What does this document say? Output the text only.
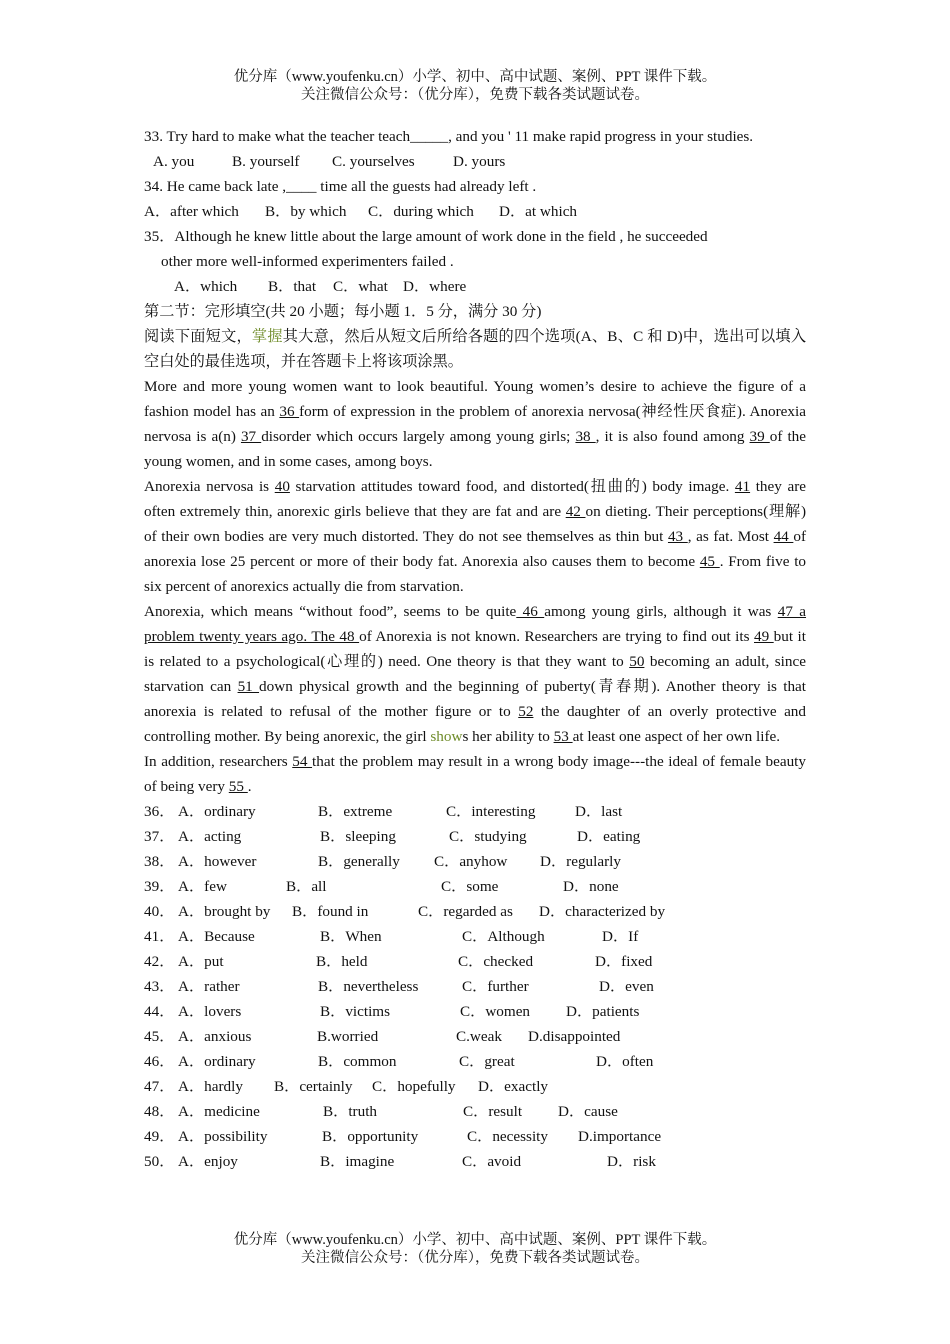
优分库（www.youfenku.cn）小学、初中、高中试题、案例、PPT 课件下载。
关注微信公众号：（优分库），免费下载各类试题试卷。
33. Try hard to make what the teacher teach_____, and you ' 11 make rapid progress in your studies.
A. you	B. yourself	C. yourselves	D. yours
34. He came back late ,____ time all the guests had already left .
A．after which	B．by which	C．during which	D．at which
35．Although he knew little about the large amount of work done in the field , he succeeded
other more well-informed experimenters failed .
A．which	B．that	C．what D．where
第二节：完形填空(共 20 小题；每小题 1．5 分，满分 30 分)
阅读下面短文，掌握其大意，然后从短文后所给各题的四个选项(A、B、C 和 D)中，选出可以填入空白处的最佳选项，并在答题卡上将该项涂黑。
More and more young women want to look beautiful. Young women’s desire to achieve the figure of a fashion model has an 36 form of expression in the problem of anorexia nervosa(神经性厌食症). Anorexia nervosa is a(n) 37 disorder which occurs largely among young girls; 38 , it is also found among 39 of the young women, and in some cases, among boys.
Anorexia nervosa is 40 starvation attitudes toward food, and distorted(扭曲的) body image. 41 they are often extremely thin, anorexic girls believe that they are fat and are 42 on dieting. Their perceptions(理解) of their own bodies are very much distorted. They do not see themselves as thin but 43 , as fat. Most 44 of anorexia lose 25 percent or more of their body fat. Anorexia also causes them to become 45 . From five to six percent of anorexics actually die from starvation.
Anorexia, which means “without food”, seems to be quite 46 among young girls, although it was 47 a problem twenty years ago. The 48 of Anorexia is not known. Researchers are trying to find out its 49 but it is related to a psychological(心理的) need. One theory is that they want to 50 becoming an adult, since starvation can 51 down physical growth and the beginning of puberty(青春期). Another theory is that anorexia is related to refusal of the mother figure or to 52 the daughter of an overly protective and controlling mother. By being anorexic, the girl shows her ability to 53 at least one aspect of her own life.
In addition, researchers 54 that the problem may result in a wrong body image---the ideal of female beauty of being very 55 .
36． A．ordinary	B．extreme	C．interesting	D．last
37． A．acting	B．sleeping	C．studying	D．eating
38． A．however	B．generally	C．anyhow	D．regularly
39． A．few	B．all	C．some	D．none
40． A．brought by	B．found in	C．regarded as	D．characterized by
41． A．Because	B．When	C．Although	D．If
42． A．put	B．held	C．checked	D．fixed
43． A．rather	B．nevertheless	C．further	D．even
44． A．lovers	B．victims	C．women	D．patients
45． A．anxious	B.worried	C.weak	D.disappointed
46． A．ordinary	B．common	C．great	D．often
47． A．hardly	B．certainly	C．hopefully	D．exactly
48． A．medicine	B．truth	C．result	D．cause
49． A．possibility	B．opportunity	C．necessity	D.importance
50． A．enjoy	B．imagine	C．avoid	D．risk
优分库（www.youfenku.cn）小学、初中、高中试题、案例、PPT 课件下载。
关注微信公众号：（优分库），免费下载各类试题试卷。
